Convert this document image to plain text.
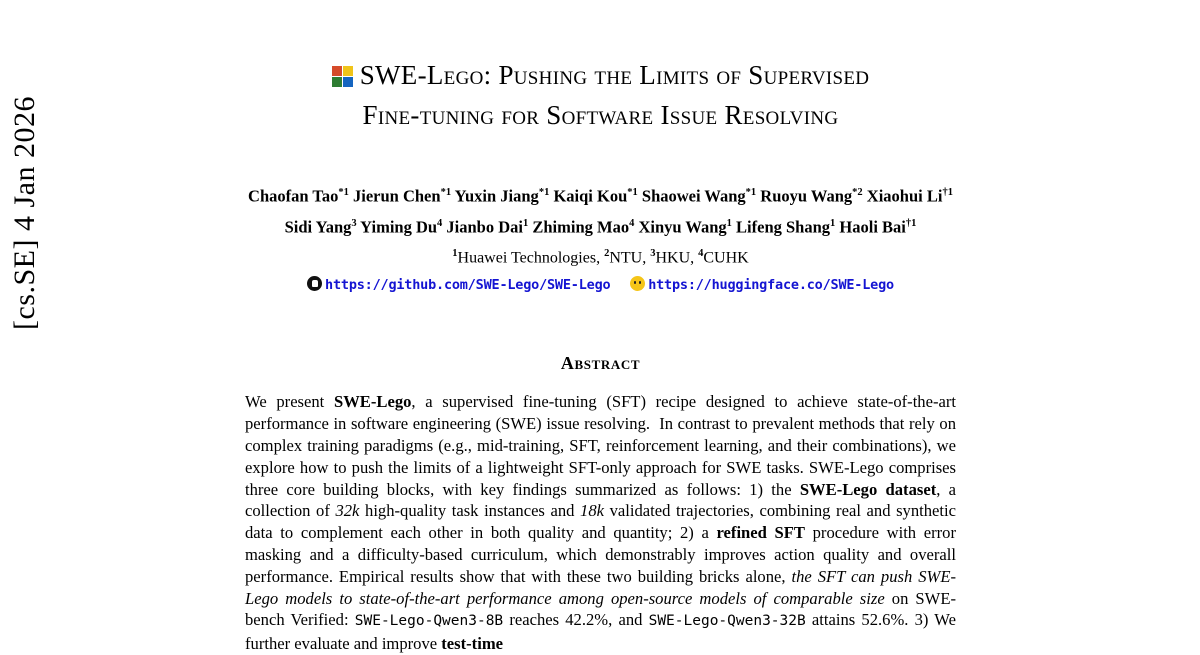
[cs.SE] 4 Jan 2026
SWE-Lego: Pushing the Limits of Supervised
Fine-tuning for Software Issue Resolving
Chaofan Tao$^{*1}$ Jierun Chen$^{*1}$ Yuxin Jiang$^{*1}$ Kaiqi Kou$^{*1}$ Shaowei Wang$^{*1}$ Ruoyu Wang$^{*2}$ Xiaohui Li$^{\dagger 1}$
Sidi Yang$^3$ Yiming Du$^4$ Jianbo Dai$^1$ Zhiming Mao$^4$ Xinyu Wang$^1$ Lifeng Shang$^1$ Haoli Bai$^{\dagger 1}$
$^1$Huawei Technologies, $^2$NTU, $^3$HKU, $^4$CUHK
https://github.com/SWE-Lego/SWE-Lego	https://huggingface.co/SWE-Lego
Abstract
We present SWE-Lego, a supervised fine-tuning (SFT) recipe designed to achieve state-of-the-art performance in software engineering (SWE) issue resolving.  In contrast to prevalent methods that rely on complex training paradigms (e.g., mid-training, SFT, reinforcement learning, and their combinations), we explore how to push the limits of a lightweight SFT-only approach for SWE tasks. SWE-Lego comprises three core building blocks, with key findings summarized as follows: 1) the SWE-Lego dataset, a collection of 32k high-quality task instances and 18k validated trajectories, combining real and synthetic data to complement each other in both quality and quantity; 2) a refined SFT procedure with error masking and a difficulty-based curriculum, which demonstrably improves action quality and overall performance. Empirical results show that with these two building bricks alone, the SFT can push SWE-Lego models to state-of-the-art performance among open-source models of comparable size on SWE-bench Verified: SWE-Lego-Qwen3-8B reaches 42.2%, and SWE-Lego-Qwen3-32B attains 52.6%. 3) We further evaluate and improve test-time
